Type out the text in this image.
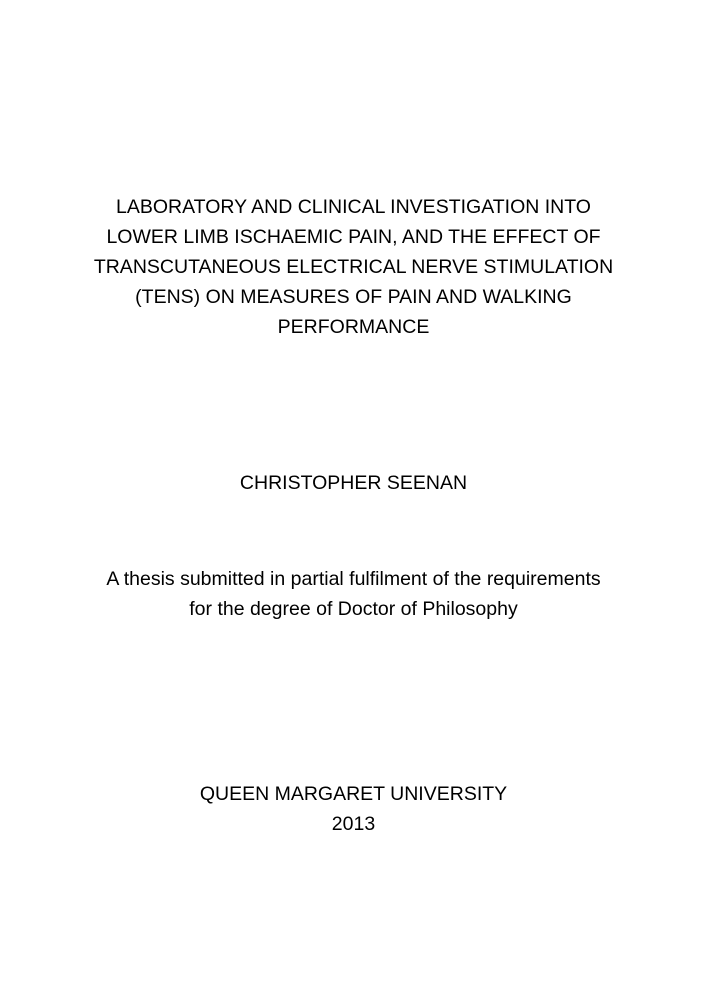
LABORATORY AND CLINICAL INVESTIGATION INTO
LOWER LIMB ISCHAEMIC PAIN, AND THE EFFECT OF
TRANSCUTANEOUS ELECTRICAL NERVE STIMULATION
(TENS) ON MEASURES OF PAIN AND WALKING
PERFORMANCE
CHRISTOPHER SEENAN
A thesis submitted in partial fulfilment of the requirements
for the degree of Doctor of Philosophy
QUEEN MARGARET UNIVERSITY
2013
